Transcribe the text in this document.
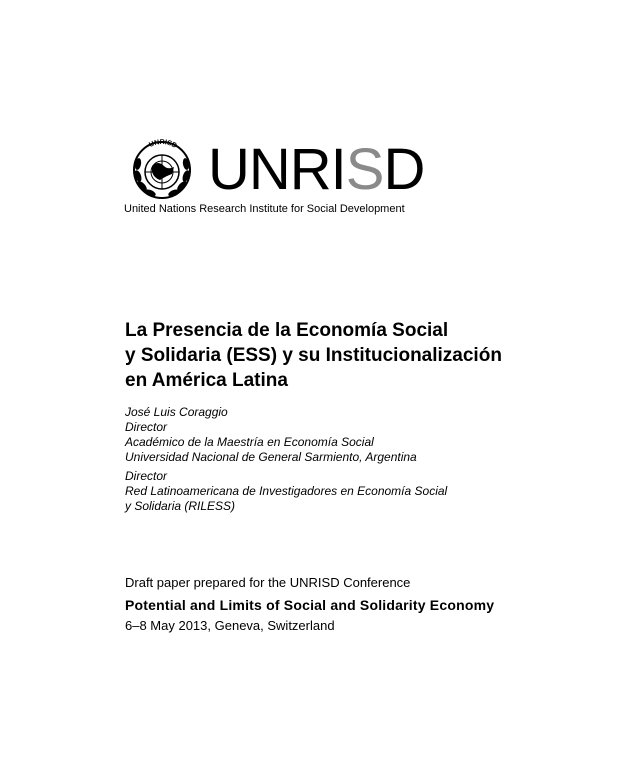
UNRISD UNRISD
United Nations Research Institute for Social Development
La Presencia de la Economía Social
y Solidaria (ESS) y su Institucionalización
en América Latina
José Luis Coraggio
Director
Académico de la Maestría en Economía Social
Universidad Nacional de General Sarmiento, Argentina
Director
Red Latinoamericana de Investigadores en Economía Social
y Solidaria (RILESS)
Draft paper prepared for the UNRISD Conference
Potential and Limits of Social and Solidarity Economy
6–8 May 2013, Geneva, Switzerland
